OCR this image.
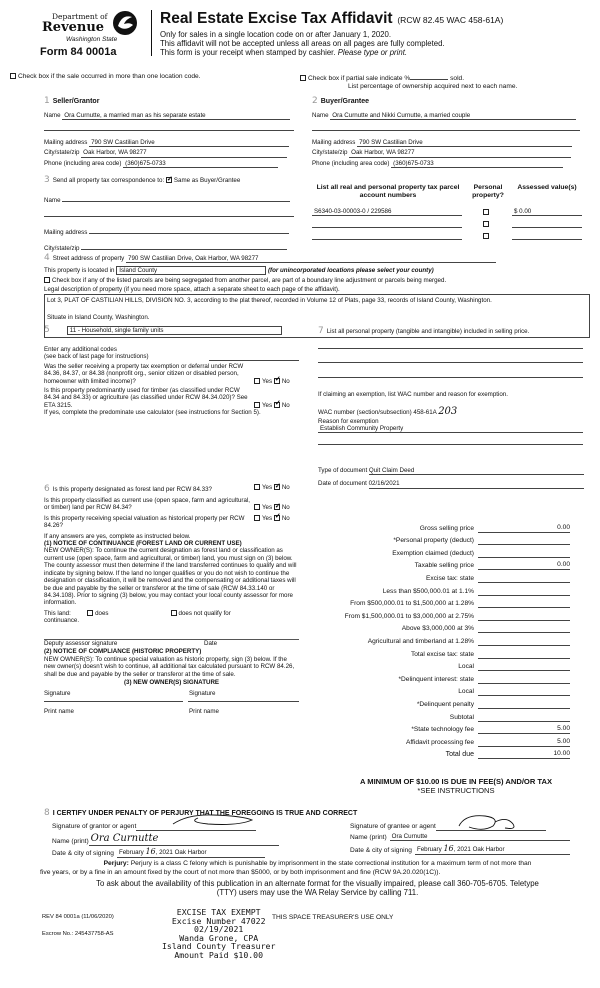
Department of
Revenue
Washington State
Form 84 0001a
Real Estate Excise Tax Affidavit (RCW 82.45 WAC 458-61A)
Only for sales in a single location code on or after January 1, 2020.
This affidavit will not be accepted unless all areas on all pages are fully completed.
This form is your receipt when stamped by cashier. Please type or print.
Check box if the sale occurred in more than one location code.	Check box if partial sale indicate %	sold.
List percentage of ownership acquired next to each name.
1 Seller/Grantor
Name Ora Curnutte, a married man as his separate estate
Mailing address 790 SW Castilian Drive
City/state/zip Oak Harbor, WA 98277
Phone (including area code) (360)675-0733
2 Buyer/Grantee
Name Ora Curnutte and Nikki Curnutte, a married couple
Mailing address 790 SW Castilian Drive
City/state/zip Oak Harbor, WA 98277
Phone (including area code) (360)675-0733
3 Send all property tax correspondence to: ✓ Same as Buyer/Grantee
Name
Mailing address
City/state/zip
List all real and personal property tax parcel account numbers
Personal property?
Assessed value(s)
S6340-03-00003-0 / 229586	$ 0.00
4 Street address of property 790 SW Castilian Drive, Oak Harbor, WA 98277
This property is located in Island County	(for unincorporated locations please select your county)
Check box if any of the listed parcels are being segregated from another parcel, are part of a boundary line adjustment or parcels being merged.
Legal description of property (if you need more space, attach a separate sheet to each page of the affidavit).
Lot 3, PLAT OF CASTILIAN HILLS, DIVISION NO. 3, according to the plat thereof, recorded in Volume 12 of Plats, page 33, records of Island County, Washington.
Situate in Island County, Washington.
5	11 - Household, single family units
Enter any additional codes
(see back of last page for instructions)
Was the seller receiving a property tax exemption or deferral under RCW 84.36, 84.37, or 84.38 (nonprofit org., senior citizen or disabled person, homeowner with limited income)?	Yes ✓ No
Is this property predominantly used for timber (as classified under RCW 84.34 and 84.33) or agriculture (as classified under RCW 84.34.020)? See ETA 3215.	Yes ✓ No
If yes, complete the predominate use calculator (see instructions for Section 5).
6 Is this property designated as forest land per RCW 84.33?	Yes ✓ No
Is this property classified as current use (open space, farm and agricultural, or timber) land per RCW 84.34?	Yes ✓ No
Is this property receiving special valuation as historical property per RCW 84.26?
Yes ✓ No
If any answers are yes, complete as instructed below.
(1) NOTICE OF CONTINUANCE (FOREST LAND OR CURRENT USE)
NEW OWNER(S): To continue the current designation as forest land or classification as current use (open space, farm and agricultural, or timber) land, you must sign on (3) below. The county assessor must then determine if the land transferred continues to qualify and will indicate by signing below. If the land no longer qualifies or you do not wish to continue the designation or classification, it will be removed and the compensating or additional taxes will be due and payable by the seller or transferor at the time of sale (RCW 84.33.140 or 84.34.108). Prior to signing (3) below, you may contact your local county assessor for more information.
This land:
continuance.
does	does not qualify for
Deputy assessor signature	Date
(2) NOTICE OF COMPLIANCE (HISTORIC PROPERTY)
NEW OWNER(S): To continue special valuation as historic property, sign (3) below. If the new owner(s) doesn't wish to continue, all additional tax calculated pursuant to RCW 84.26, shall be due and payable by the seller or transferor at the time of sale.
(3) NEW OWNER(S) SIGNATURE
Signature	Signature
Print name	Print name
7 List all personal property (tangible and intangible) included in selling price.

If claiming an exemption, list WAC number and reason for exemption.
WAC number (section/subsection) 458-61A 203
Reason for exemption
Establish Community Property
Type of document Quit Claim Deed
Date of document 02/16/2021
Gross selling price	0.00
*Personal property (deduct)
Exemption claimed (deduct)
Taxable selling price	0.00
Excise tax: state
Less than $500,000.01 at 1.1%
From $500,000.01 to $1,500,000 at 1.28%
From $1,500,000.01 to $3,000,000 at 2.75%
Above $3,000,000 at 3%
Agricultural and timberland at 1.28%
Total excise tax: state
Local
*Delinquent interest: state
Local
*Delinquent penalty
Subtotal
*State technology fee	5.00
Affidavit processing fee	5.00
Total due	10.00
A MINIMUM OF $10.00 IS DUE IN FEE(S) AND/OR TAX
*SEE INSTRUCTIONS
8 I CERTIFY UNDER PENALTY OF PERJURY THAT THE FOREGOING IS TRUE AND CORRECT
Signature of grantor or agent
Name (print) Ora Curnutte
Date & city of signing February 16, 2021 Oak Harbor
Signature of grantee or agent
Name (print) Ora Curnutte
Date & city of signing February 16, 2021 Oak Harbor
Perjury: Perjury is a class C felony which is punishable by imprisonment in the state correctional institution for a maximum term of not more than
five years, or by a fine in an amount fixed by the court of not more than $5000, or by both imprisonment and fine (RCW 9A.20.020(1C)).
To ask about the availability of this publication in an alternate format for the visually impaired, please call 360-705-6705. Teletype
(TTY) users may use the WA Relay Service by calling 711.
REV 84 0001a (11/06/2020)	THIS SPACE TREASURER'S USE ONLY
Escrow No.: 245437758-AS
EXCISE TAX EXEMPT
Excise Number 47022
02/19/2021
Wanda Grone, CPA
Island County Treasurer
Amount Paid $10.00
